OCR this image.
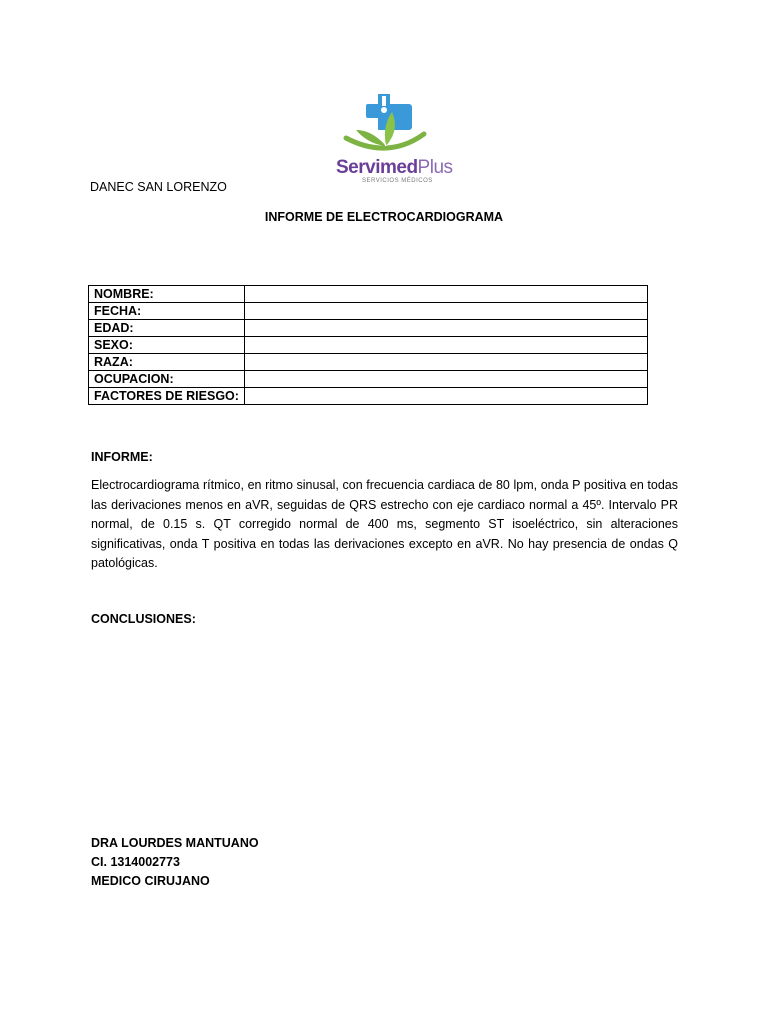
ServimedPlus
SERVICIOS MÉDICOS
DANEC SAN LORENZO
INFORME DE ELECTROCARDIOGRAMA
NOMBRE:	
FECHA:	
EDAD:	
SEXO:	
RAZA:	
OCUPACION:	
FACTORES DE RIESGO:	
INFORME:
Electrocardiograma rítmico, en ritmo sinusal, con frecuencia cardiaca de 80 lpm, onda P positiva en todas las derivaciones menos en aVR, seguidas de QRS estrecho con eje cardiaco normal a 45º. Intervalo PR normal, de 0.15 s. QT corregido normal de 400 ms, segmento ST isoeléctrico, sin alteraciones significativas, onda T positiva en todas las derivaciones excepto en aVR. No hay presencia de ondas Q patológicas.
CONCLUSIONES:
DRA LOURDES MANTUANO
CI. 1314002773
MEDICO CIRUJANO
